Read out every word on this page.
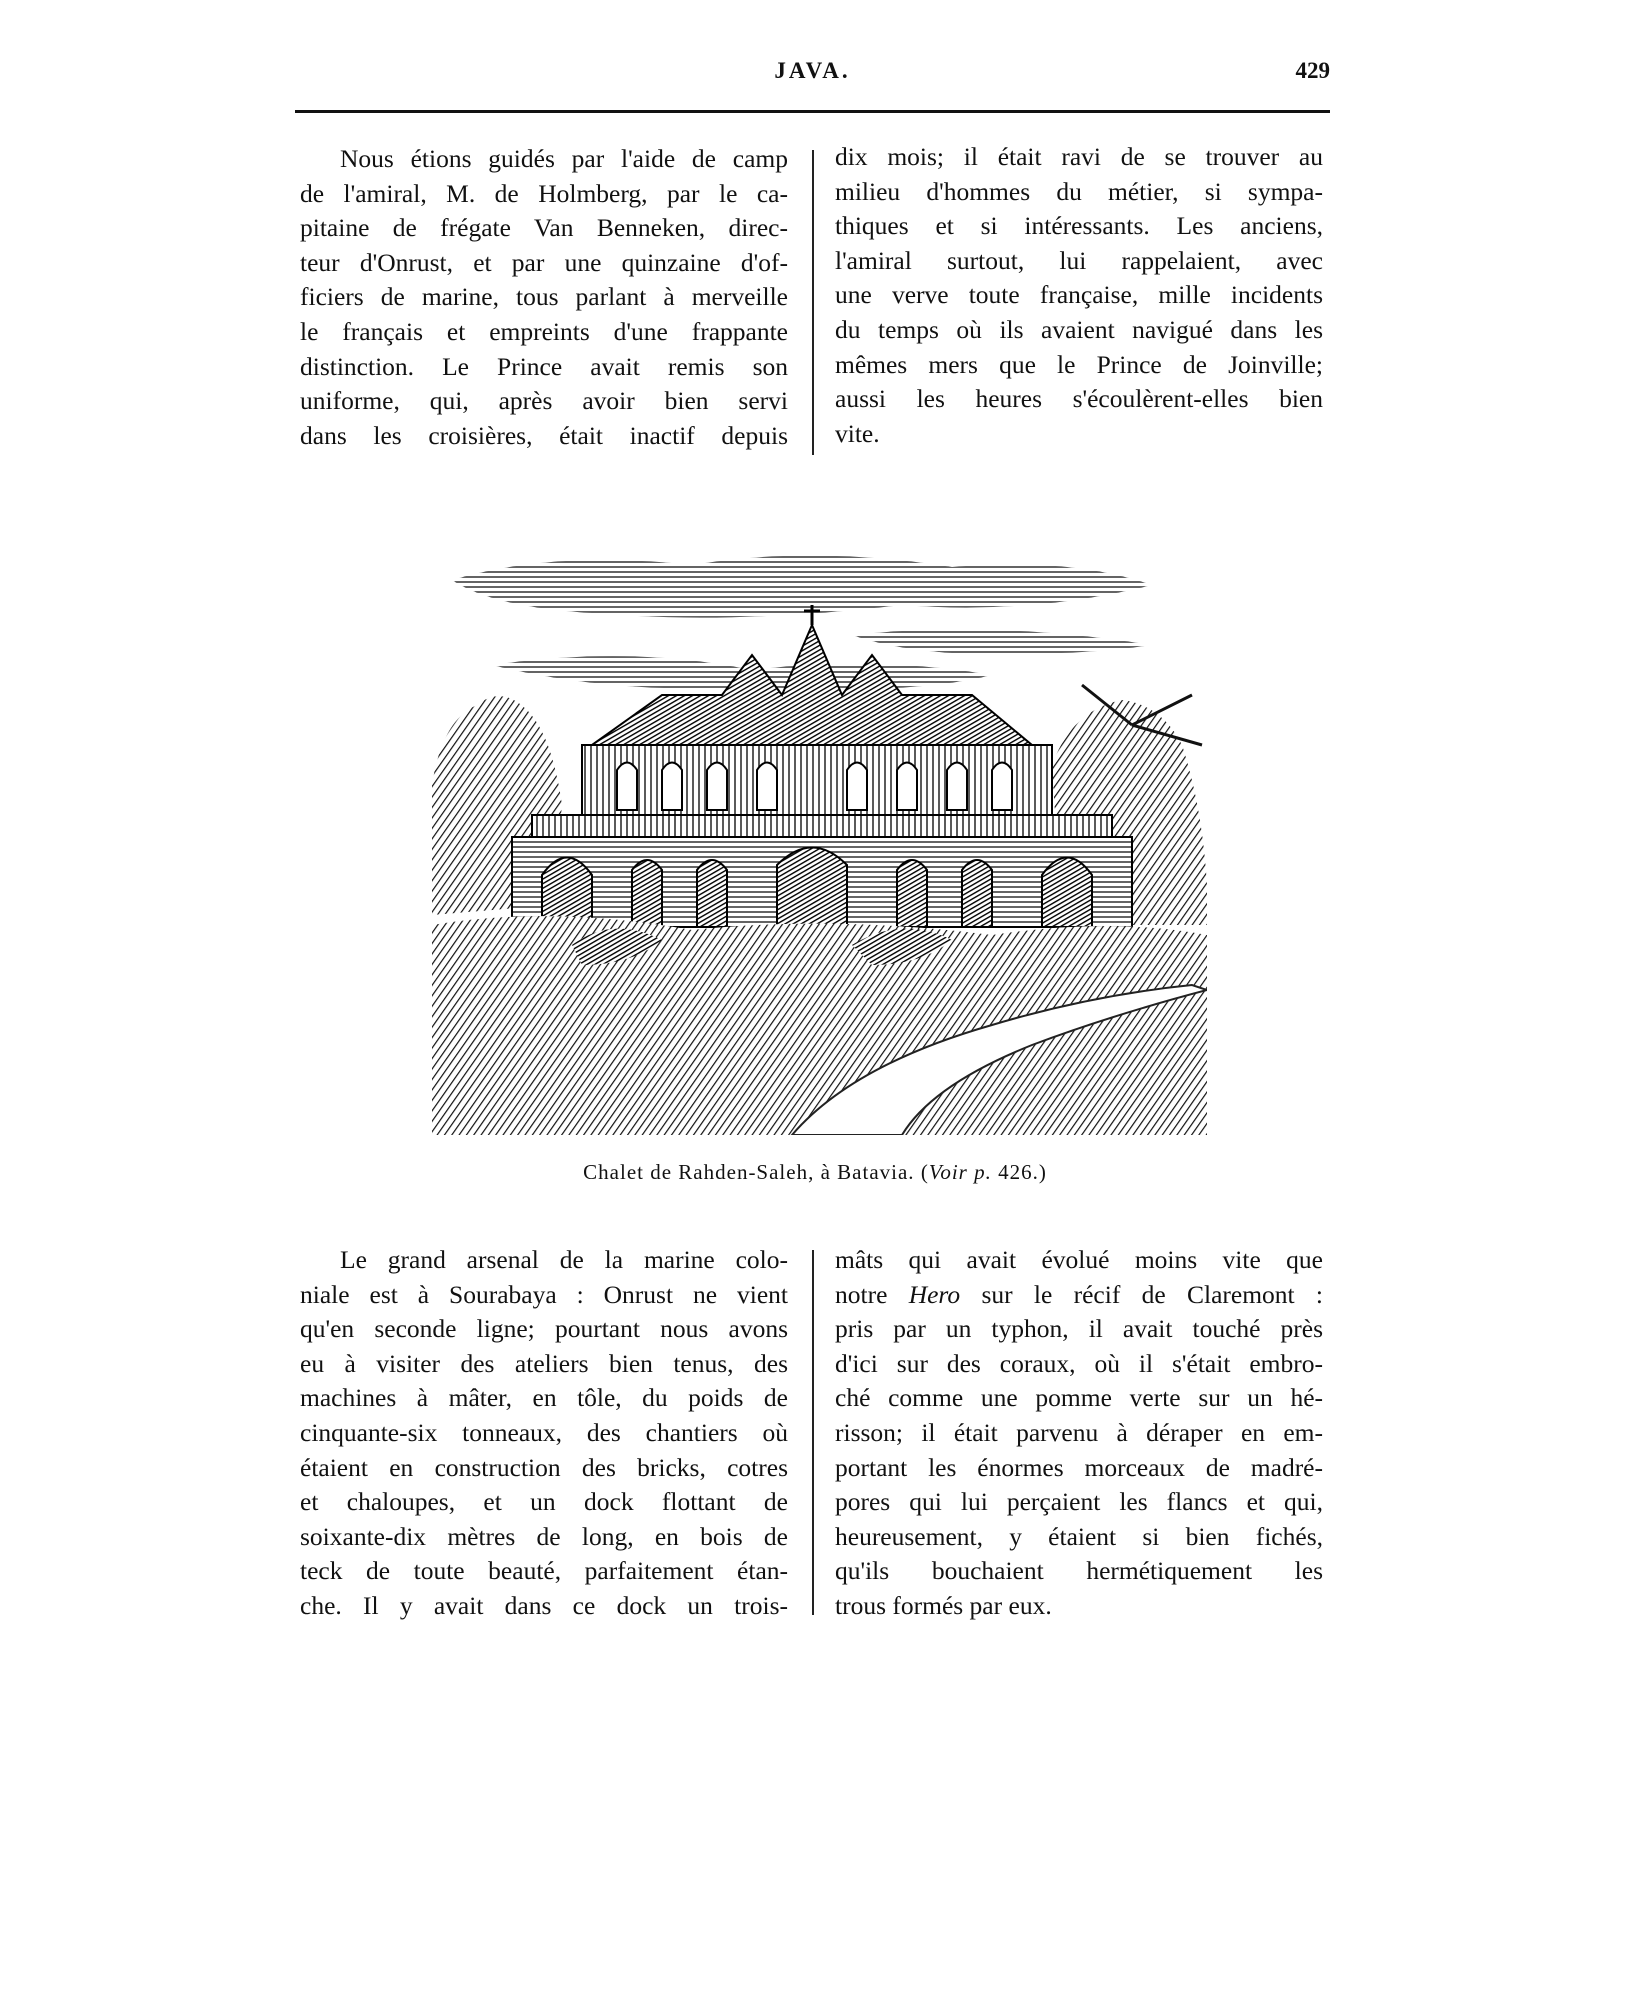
JAVA.	429
Nous étions guidés par l'aide de camp
de l'amiral, M. de Holmberg, par le ca-
pitaine de frégate Van Benneken, direc-
teur d'Onrust, et par une quinzaine d'of-
ficiers de marine, tous parlant à merveille
le français et empreints d'une frappante
distinction. Le Prince avait remis son
uniforme, qui, après avoir bien servi
dans les croisières, était inactif depuis
dix mois; il était ravi de se trouver au
milieu d'hommes du métier, si sympa-
thiques et si intéressants. Les anciens,
l'amiral surtout, lui rappelaient, avec
une verve toute française, mille incidents
du temps où ils avaient navigué dans les
mêmes mers que le Prince de Joinville;
aussi les heures s'écoulèrent-elles bien
vite.
Chalet de Rahden-Saleh, à Batavia. (Voir p. 426.)
Le grand arsenal de la marine colo-
niale est à Sourabaya : Onrust ne vient
qu'en seconde ligne; pourtant nous avons
eu à visiter des ateliers bien tenus, des
machines à mâter, en tôle, du poids de
cinquante-six tonneaux, des chantiers où
étaient en construction des bricks, cotres
et chaloupes, et un dock flottant de
soixante-dix mètres de long, en bois de
teck de toute beauté, parfaitement étan-
che. Il y avait dans ce dock un trois-
mâts qui avait évolué moins vite que
notre Hero sur le récif de Claremont :
pris par un typhon, il avait touché près
d'ici sur des coraux, où il s'était embro-
ché comme une pomme verte sur un hé-
risson; il était parvenu à déraper en em-
portant les énormes morceaux de madré-
pores qui lui perçaient les flancs et qui,
heureusement, y étaient si bien fichés,
qu'ils bouchaient hermétiquement les
trous formés par eux.
